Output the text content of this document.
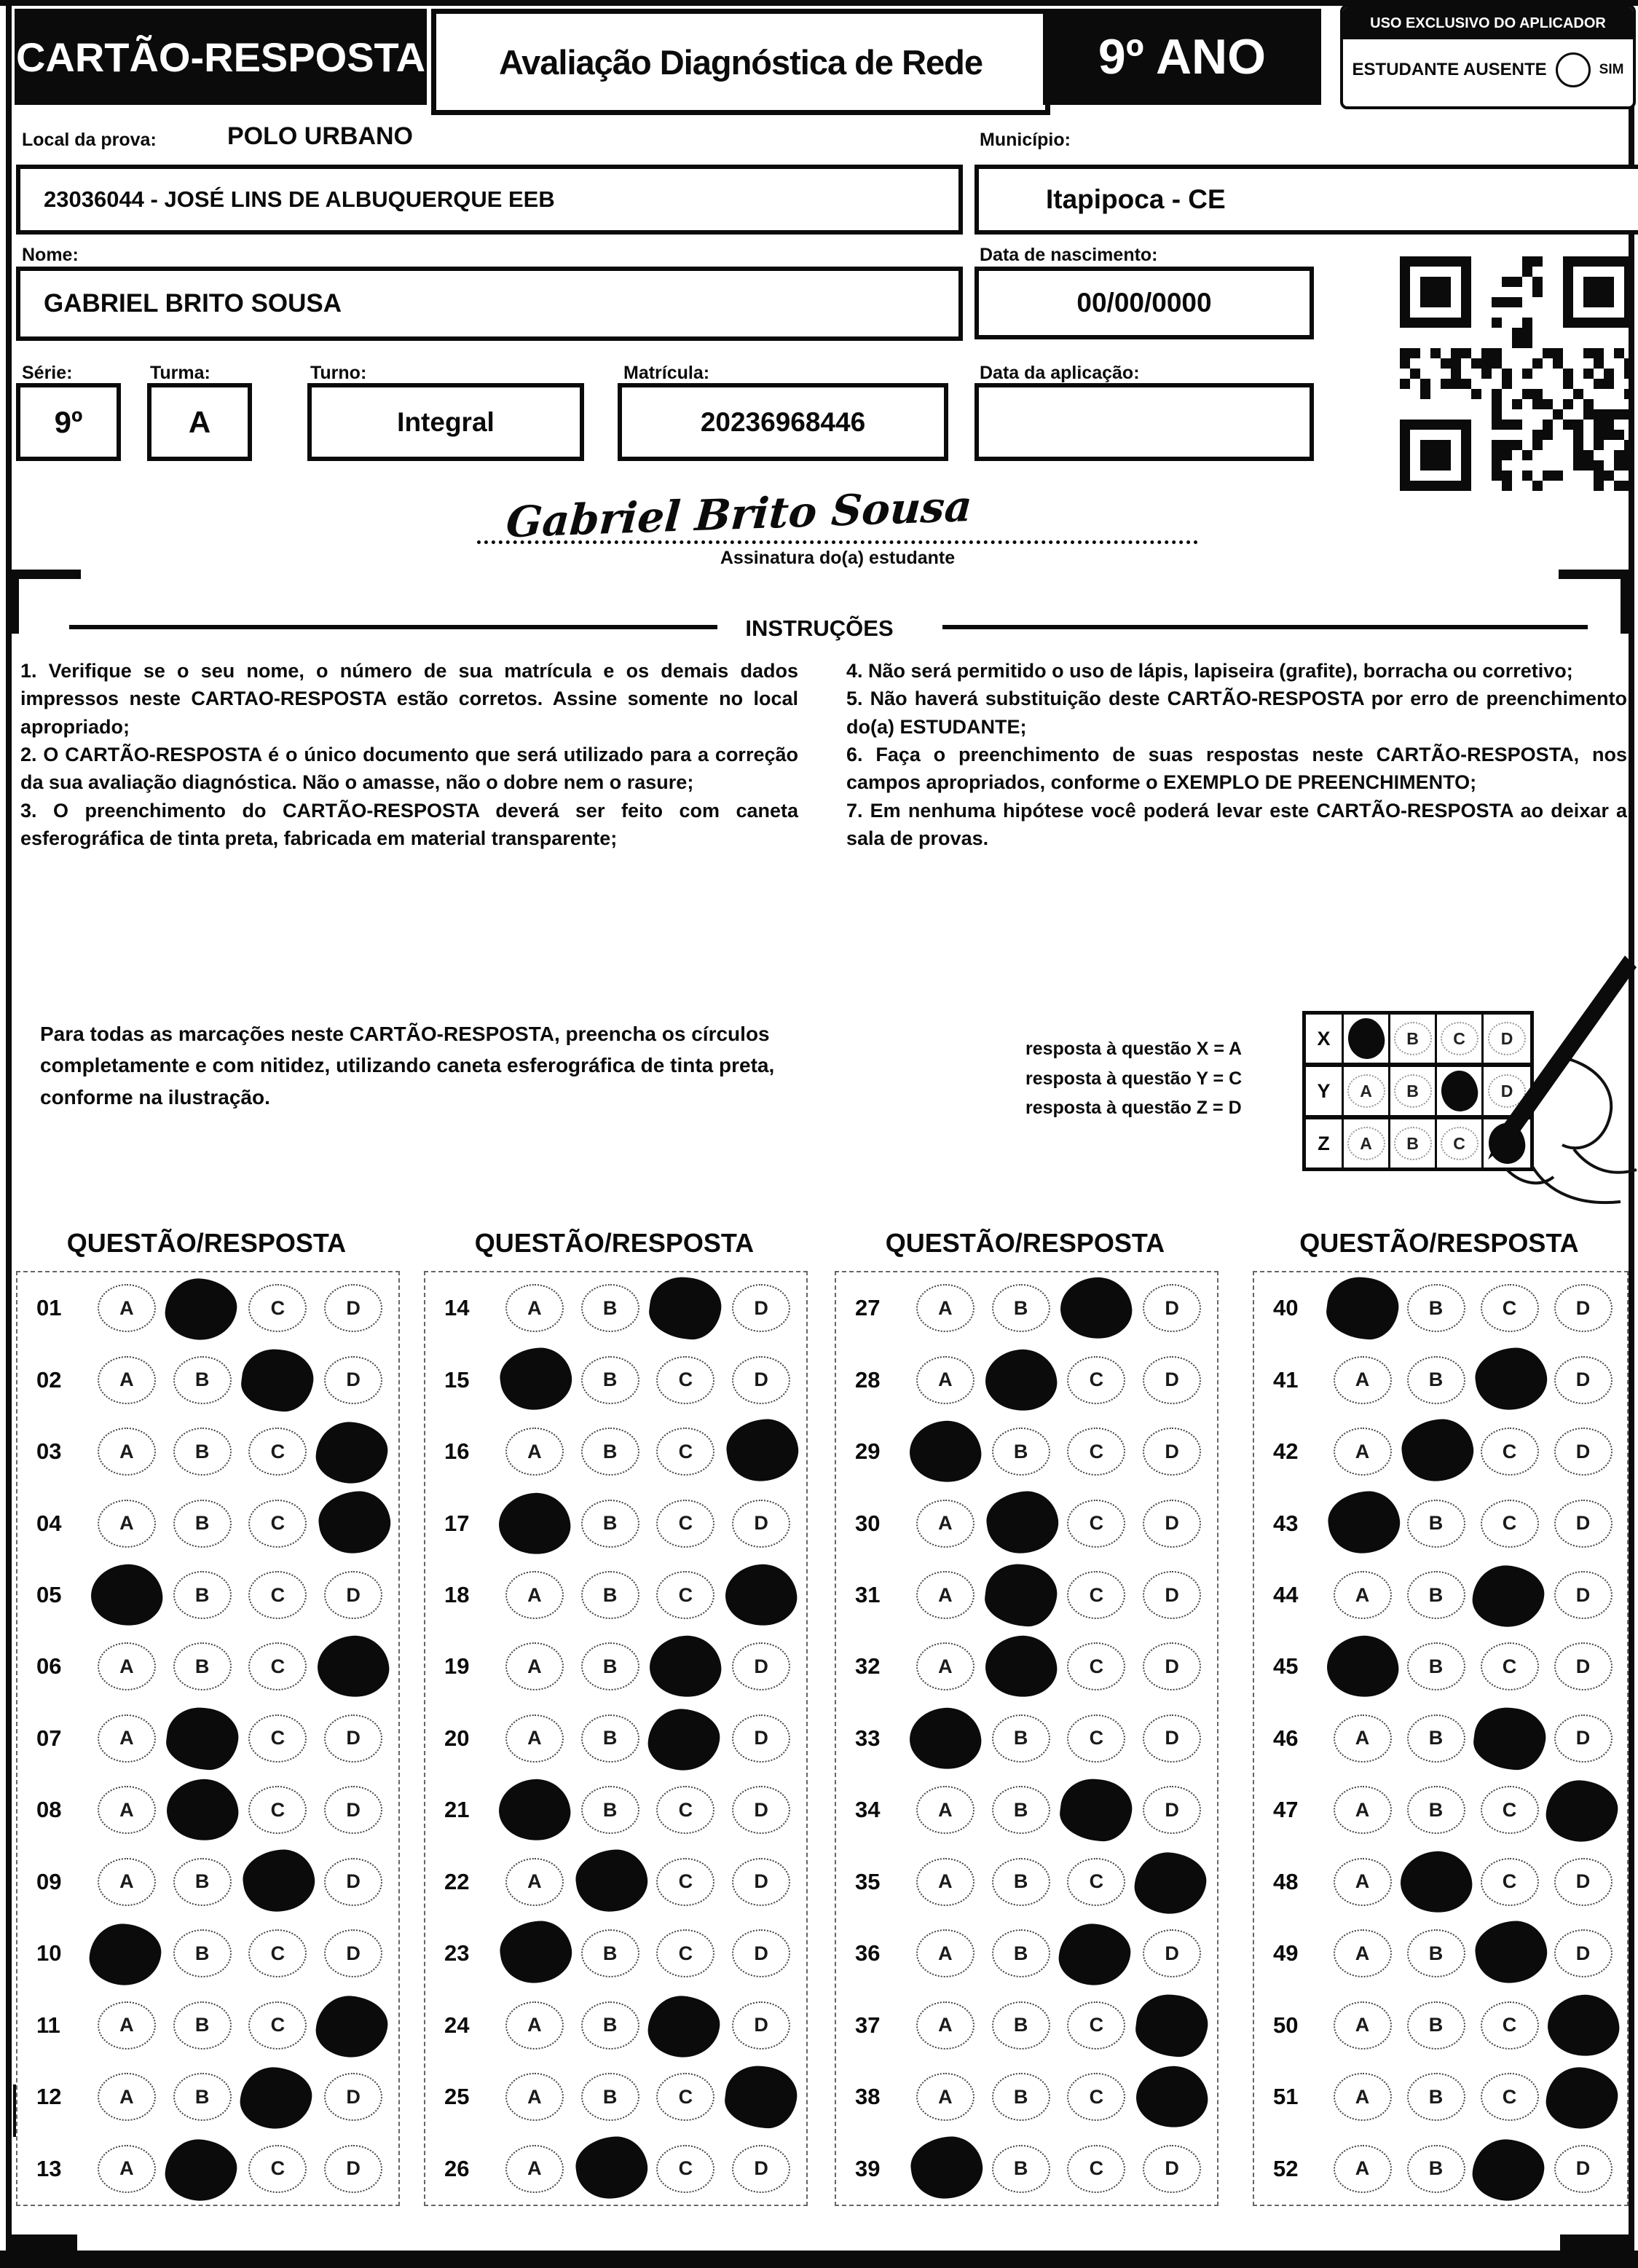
CARTÃO-RESPOSTA	Avaliação Diagnóstica de Rede	9º ANO
USO EXCLUSIVO DO APLICADOR
ESTUDANTE AUSENTE	SIM
Local da prova:	POLO URBANO	Município:
23036044 - JOSÉ LINS DE ALBUQUERQUE EEB	Itapipoca - CE
Nome:	Data de nascimento:
GABRIEL BRITO SOUSA	00/00/0000
Série:	Turma:	Turno:	Matrícula:	Data da aplicação:
9º	A	Integral	20236968446
Gabriel Brito Sousa
Assinatura do(a) estudante
INSTRUÇÕES

1. Verifique se o seu nome, o número de sua matrícula e os demais dados impressos neste CARTAO-RESPOSTA estão corretos. Assine somente no local apropriado;

2. O CARTÃO-RESPOSTA é o único documento que será utilizado para a correção da sua avaliação diagnóstica. Não o amasse, não o dobre nem o rasure;

3. O preenchimento do CARTÃO-RESPOSTA deverá ser feito com caneta esferográfica de tinta preta, fabricada em material transparente;

4. Não será permitido o uso de lápis, lapiseira (grafite), borracha ou corretivo;

5. Não haverá substituição deste CARTÃO-RESPOSTA por erro de preenchimento do(a) ESTUDANTE;

6. Faça o preenchimento de suas respostas neste CARTÃO-RESPOSTA, nos campos apropriados, conforme o EXEMPLO DE PREENCHIMENTO;

7. Em nenhuma hipótese você poderá levar este CARTÃO-RESPOSTA ao deixar a sala de provas.

Para todas as marcações neste CARTÃO-RESPOSTA, preencha os círculos completamente e com nitidez, utilizando caneta esferográfica de tinta preta, conforme na ilustração.
resposta à questão X = A
resposta à questão Y = C
resposta à questão Z = D
X	B	C	D
Y	A	B	D
Z	A	B	C
QUESTÃO/RESPOSTA
01	A	C	D
02	A	B	D
03	A	B	C
04	A	B	C
05	B	C	D
06	A	B	C
07	A	C	D
08	A	C	D
09	A	B	D
10	B	C	D
11	A	B	C
12	A	B	D
13	A	C	D
QUESTÃO/RESPOSTA
14	A	B	D
15	B	C	D
16	A	B	C
17	B	C	D
18	A	B	C
19	A	B	D
20	A	B	D
21	B	C	D
22	A	C	D
23	B	C	D
24	A	B	D
25	A	B	C
26	A	C	D
QUESTÃO/RESPOSTA
27	A	B	D
28	A	C	D
29	B	C	D
30	A	C	D
31	A	C	D
32	A	C	D
33	B	C	D
34	A	B	D
35	A	B	C
36	A	B	D
37	A	B	C
38	A	B	C
39	B	C	D
QUESTÃO/RESPOSTA
40	B	C	D
41	A	B	D
42	A	C	D
43	B	C	D
44	A	B	D
45	B	C	D
46	A	B	D
47	A	B	C
48	A	C	D
49	A	B	D
50	A	B	C
51	A	B	C
52	A	B	D
